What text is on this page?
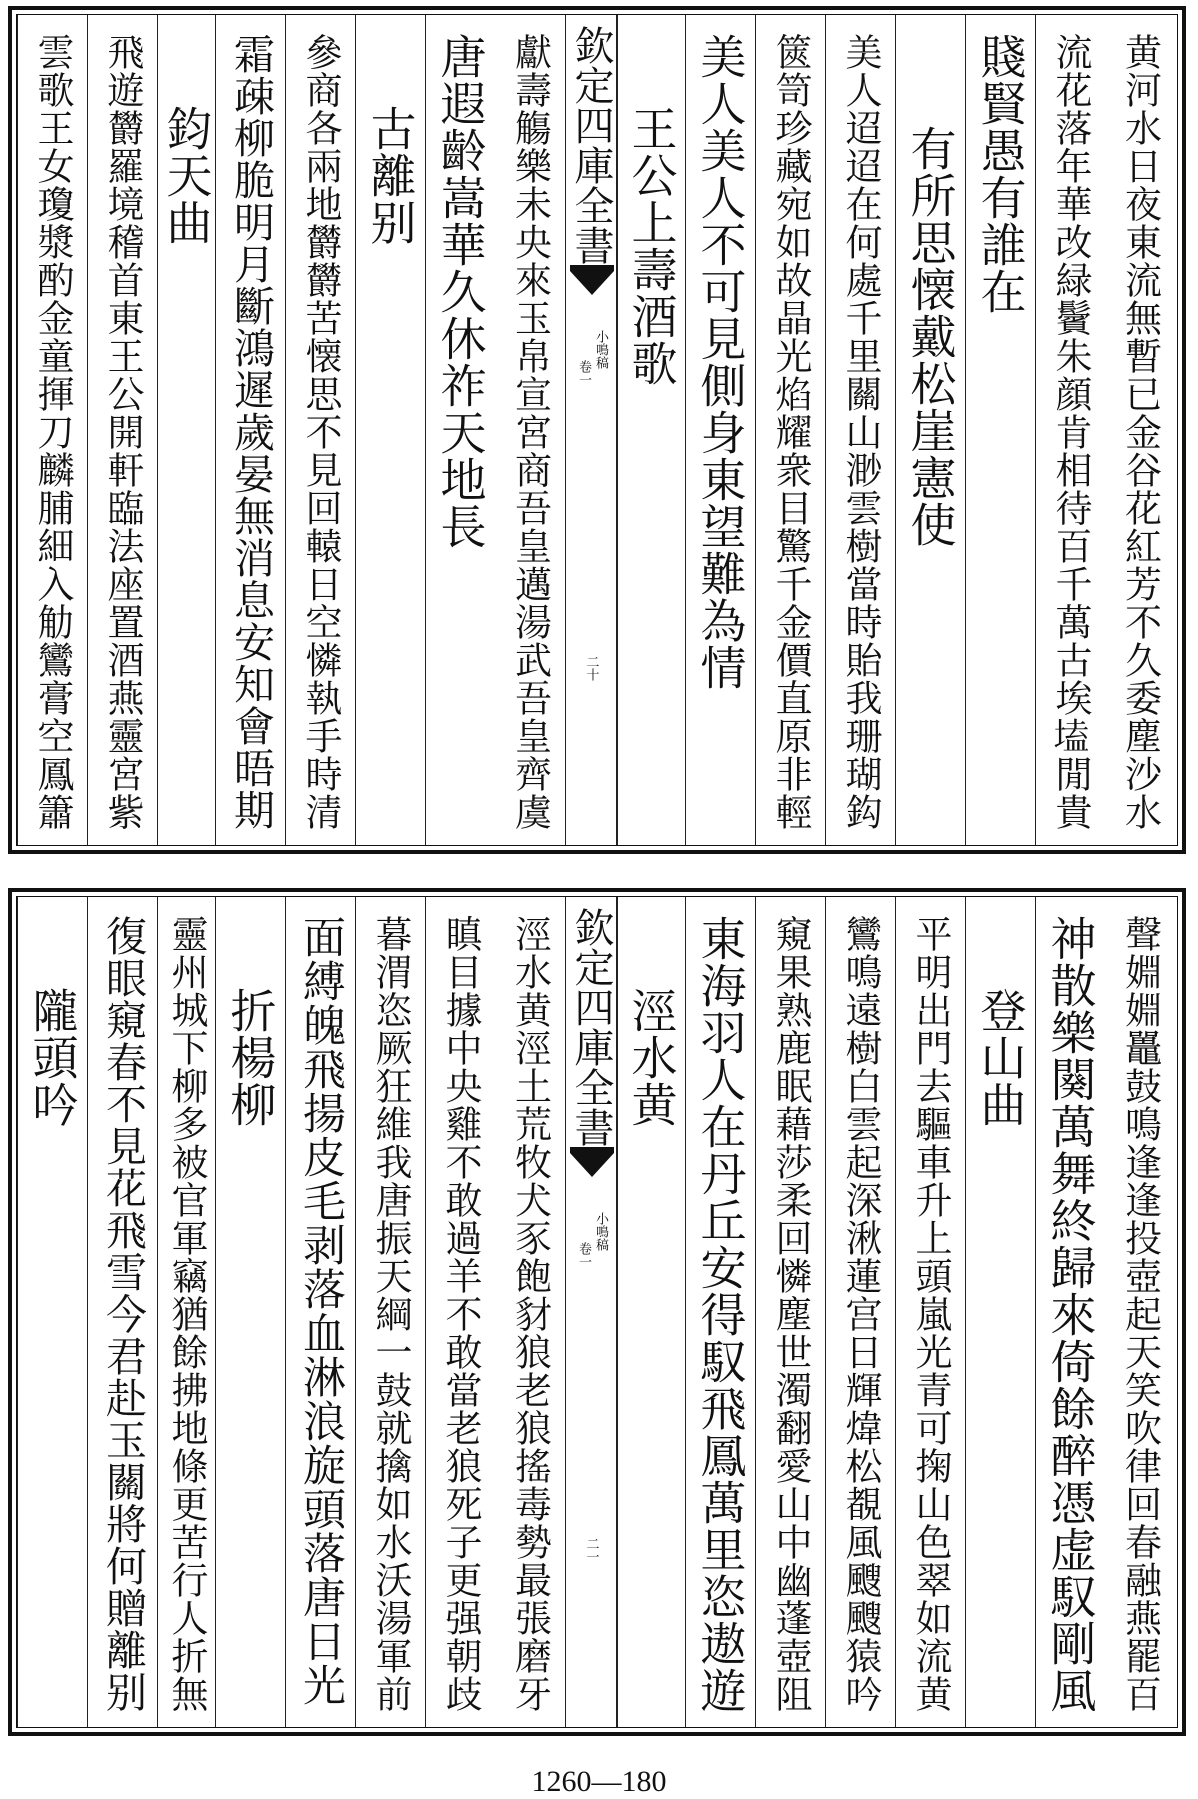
黄河水日夜東流無暫已金谷花紅芳不久委塵沙水
流花落年華改緑鬢朱顔肯相待百千萬古埃𡏖閒貴
賤賢愚有誰在
有所思懐戴松崖憲使
美人迢迢在何處千里關山渺雲樹當時貽我珊瑚鈎
篋笥珍藏宛如故晶光焰耀衆目驚千金價直原非輕
美人美人不可見側身東望難為情
王公上壽酒歌
欽定四庫全書
小鳴稿
卷一
二十
獻壽觴樂未央來玉帛宣宮商吾皇邁湯武吾皇齊虞
唐遐齡嵩華久休祚天地長
古離别
參商各兩地欝欝苦懐思不見回轅日空憐執手時清
霜疎柳脆明月斷鴻遲歲晏無消息安知會晤期
鈞天曲
飛遊欝羅境稽首東王公開軒臨法座置酒燕靈宮紫
雲歌王女瓊漿酌金童揮刀麟脯細入觔鸞膏空鳳簫
聲婣婣鼉鼓鳴逢逢投壺起天笑吹律回春融燕罷百
神散樂闋萬舞終歸來倚餘醉憑虚馭剛風
登山曲
平明出門去驅車升上頭嵐光青可掬山色翠如流黄
鸞鳴遠樹白雲起深湫蓮宫日輝煒松覩風颼颼猿吟
窺果熟鹿眠藉莎柔回憐塵世濁翻愛山中幽蓬壺阻
東海羽人在丹丘安得馭飛鳳萬里恣遨遊
涇水黄
欽定四庫全書
小鳴稿
卷一
二一
涇水黄涇土荒牧犬豕飽豺狼老狼搖毒勢最張磨牙
瞋目據中央雞不敢過羊不敢當老狼死子更强朝歧
暮渭恣厥狂維我唐振天綱一鼓就擒如水沃湯軍前
面縛魄飛揚皮毛剥落血淋浪旋頭落唐日光
折楊柳
靈州城下柳多被官軍竊猶餘拂地條更苦行人折無
復眼窺春不見花飛雪今君赴玉關將何贈離别
隴頭吟
1260—180
